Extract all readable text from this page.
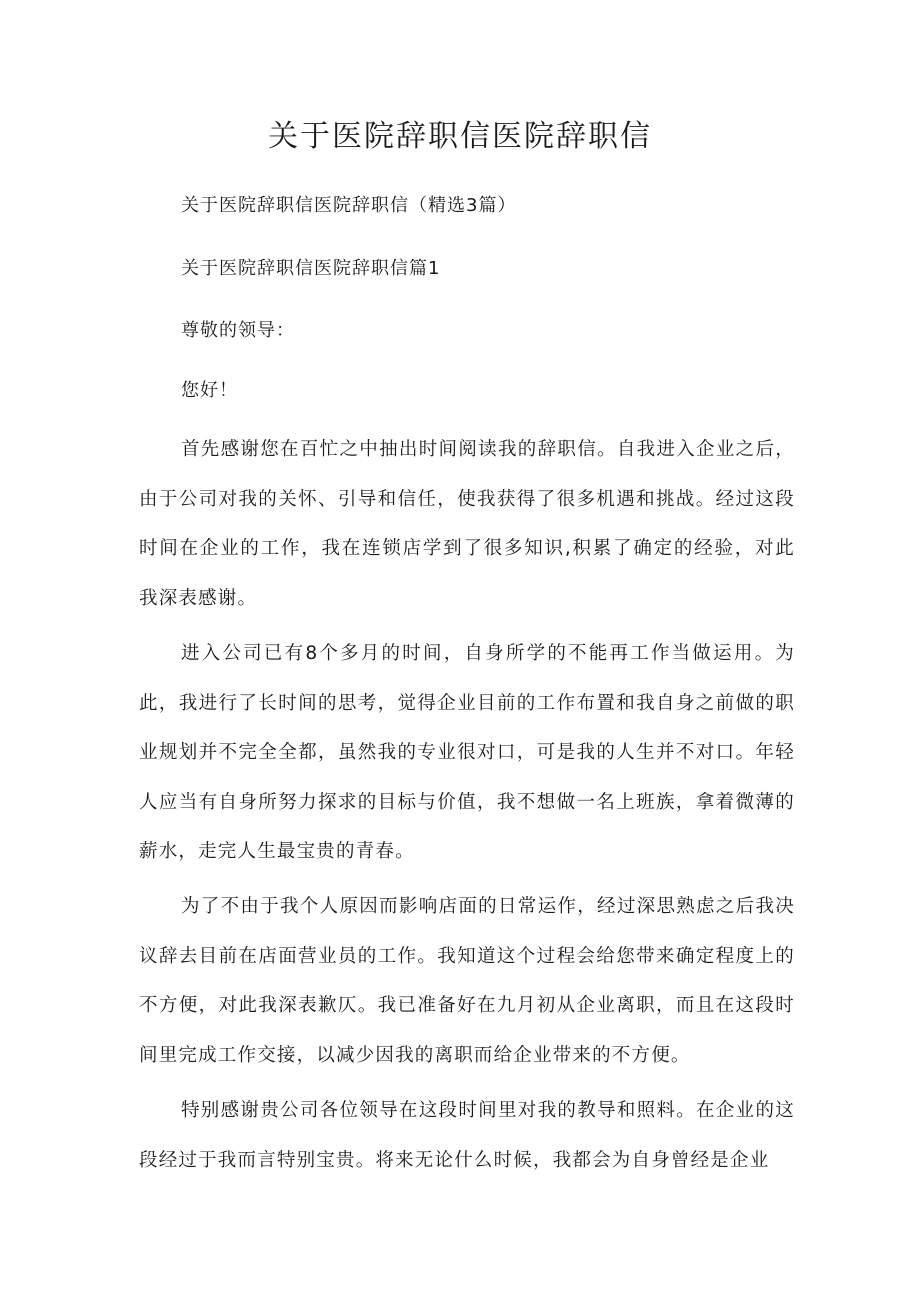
关于医院辞职信医院辞职信

关于医院辞职信医院辞职信（精选3篇）

关于医院辞职信医院辞职信篇1

尊敬的领导：

您好！

首先感谢您在百忙之中抽出时间阅读我的辞职信。自我进入企业之后，由于公司对我的关怀、引导和信任，使我获得了很多机遇和挑战。经过这段时间在企业的工作，我在连锁店学到了很多知识,积累了确定的经验，对此我深表感谢。

进入公司已有8个多月的时间，自身所学的不能再工作当做运用。为此，我进行了长时间的思考，觉得企业目前的工作布置和我自身之前做的职业规划并不完全全都，虽然我的专业很对口，可是我的人生并不对口。年轻人应当有自身所努力探求的目标与价值，我不想做一名上班族，拿着微薄的薪水，走完人生最宝贵的青春。

为了不由于我个人原因而影响店面的日常运作，经过深思熟虑之后我决议辞去目前在店面营业员的工作。我知道这个过程会给您带来确定程度上的不方便，对此我深表歉仄。我已准备好在九月初从企业离职，而且在这段时间里完成工作交接，以减少因我的离职而给企业带来的不方便。

特别感谢贵公司各位领导在这段时间里对我的教导和照料。在企业的这段经过于我而言特别宝贵。将来无论什么时候，我都会为自身曾经是企业
